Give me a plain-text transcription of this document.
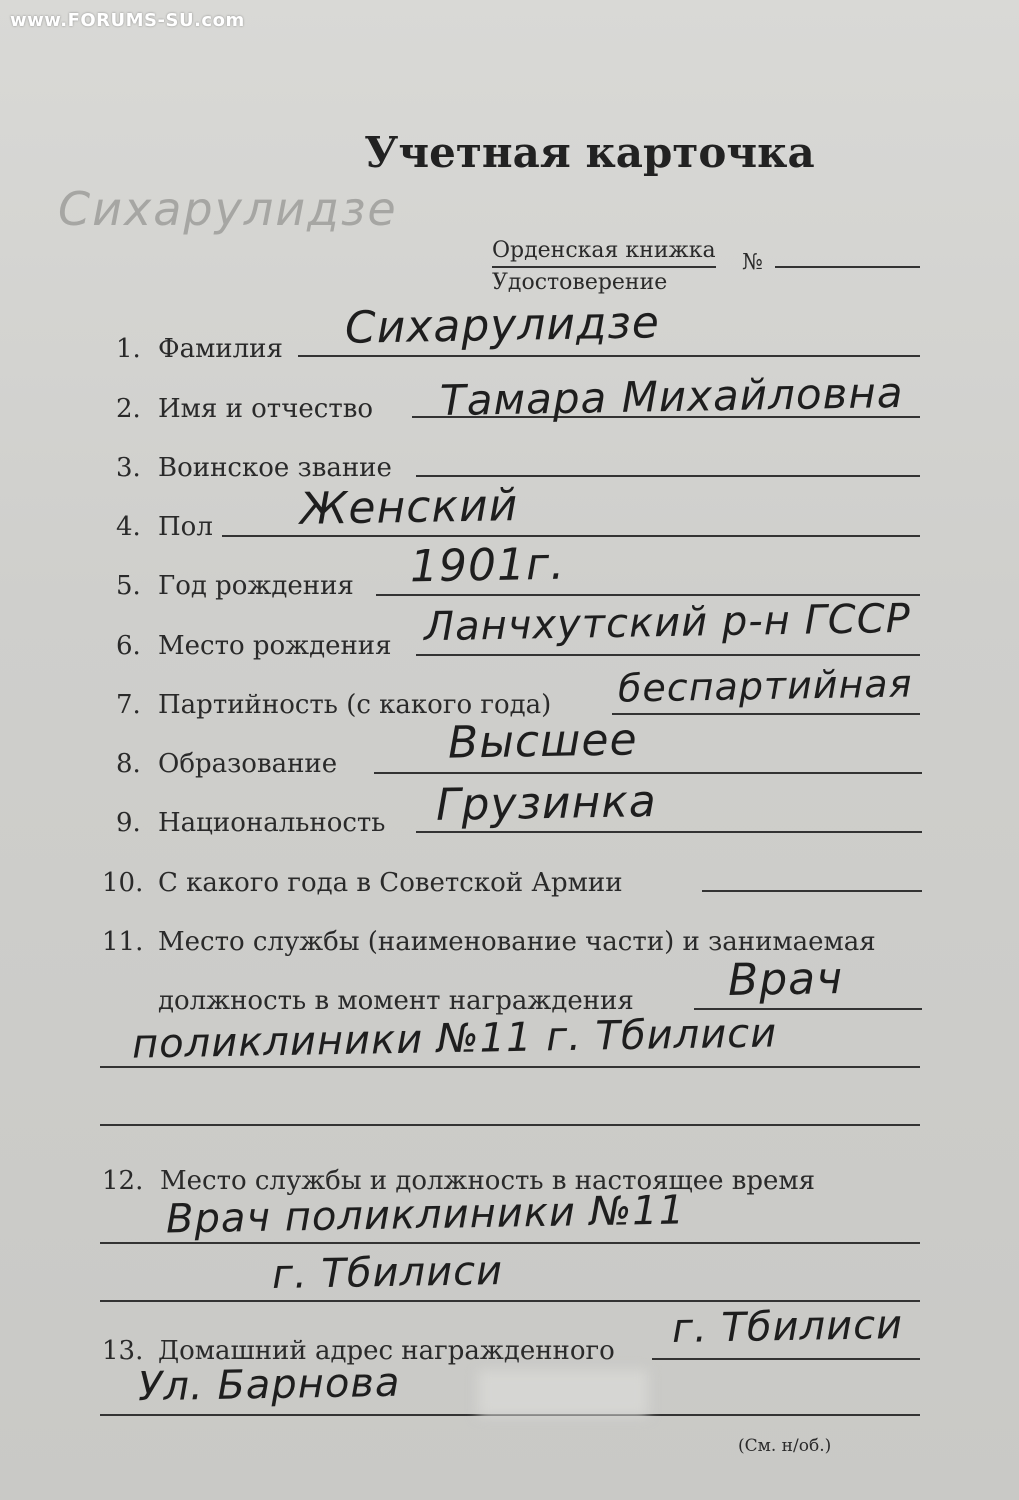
www.FORUMS-SU.com
Сихарулидзе
Учетная карточка
Орденская книжка
Удостоверение
№
1. Фамилия Сихарулидзе
2. Имя и отчество Тамара Михайловна
3. Воинское звание
4. Пол Женский
5. Год рождения 1901г.
6. Место рождения Ланчхутский р-н ГССР
7. Партийность (с какого года) беспартийная
8. Образование	Высшее
9. Национальность Грузинка
10. С какого года в Советской Армии
11. Место службы (наименование части) и занимаемая
должность в момент награждения Врач
поликлиники №11 г. Тбилиси
12. Место службы и должность в настоящее время
Врач поликлиники №11
г. Тбилиси
13. Домашний адрес награжденного г. Тбилиси
Ул. Барнова
(См. н/об.)
